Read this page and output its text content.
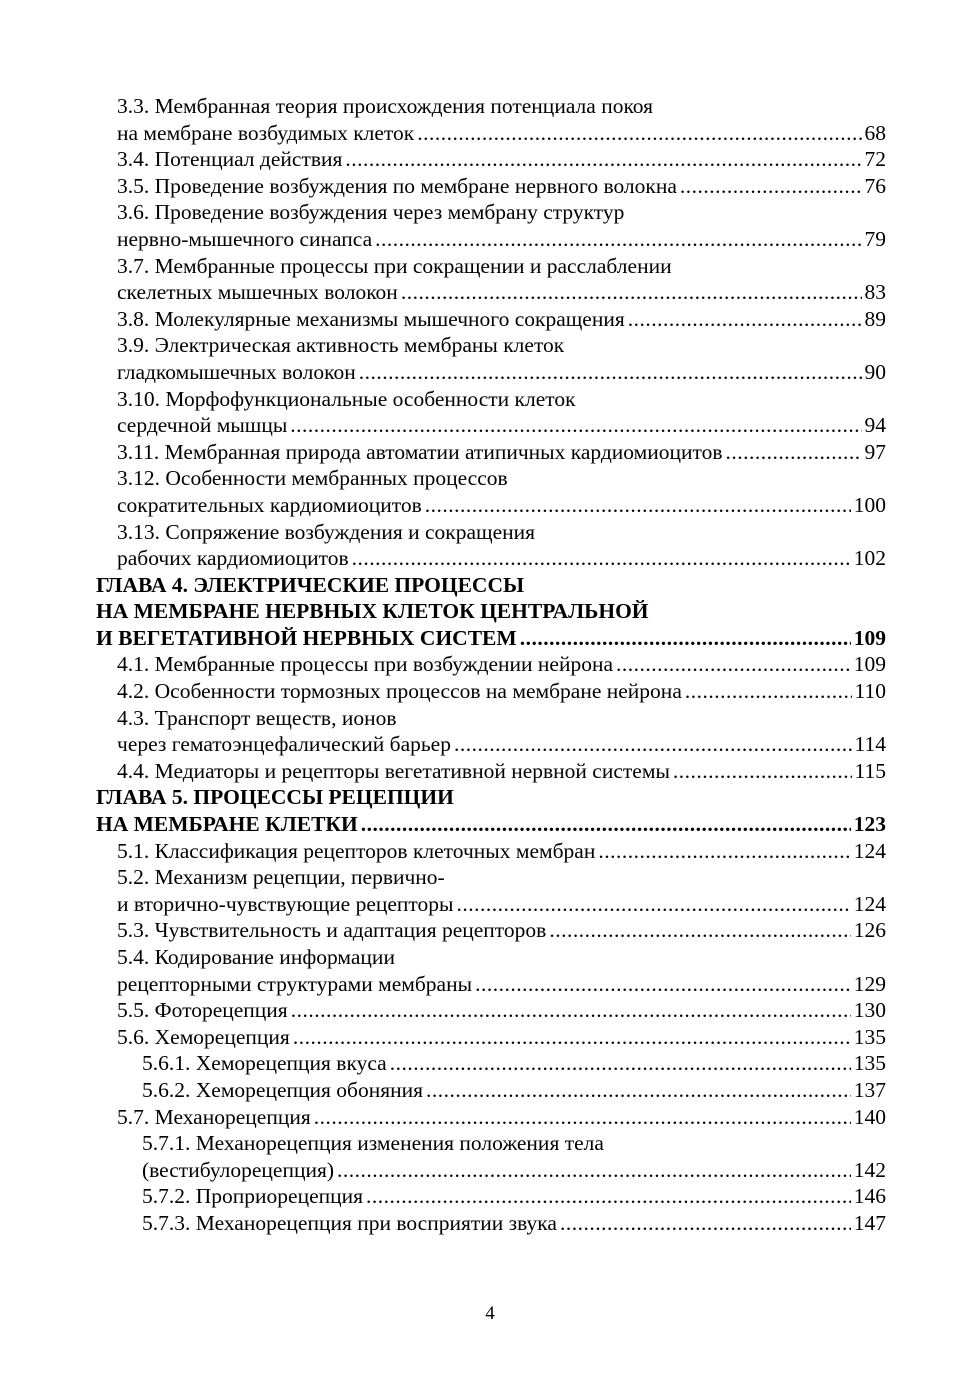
3.3. Мембранная теория происхождения потенциала покоя
на мембране возбудимых клеток .....	68
3.4. Потенциал действия .....	72
3.5. Проведение возбуждения по мембране нервного волокна .....	76
3.6. Проведение возбуждения через мембрану структур
нервно-мышечного синапса .....	79
3.7. Мембранные процессы при сокращении и расслаблении
скелетных мышечных волокон .....	83
3.8. Молекулярные механизмы мышечного сокращения .....	89
3.9. Электрическая активность мембраны клеток
гладкомышечных волокон .....	90
3.10. Морфофункциональные особенности клеток
сердечной мышцы .....	94
3.11. Мембранная природа автоматии атипичных кардиомиоцитов .....	97
3.12. Особенности мембранных процессов
сократительных кардиомиоцитов .....	100
3.13. Сопряжение возбуждения и сокращения
рабочих кардиомиоцитов .....	102
ГЛАВА 4. ЭЛЕКТРИЧЕСКИЕ ПРОЦЕССЫ
НА МЕМБРАНЕ НЕРВНЫХ КЛЕТОК ЦЕНТРАЛЬНОЙ
И ВЕГЕТАТИВНОЙ НЕРВНЫХ СИСТЕМ .....	109
4.1. Мембранные процессы при возбуждении нейрона .....	109
4.2. Особенности тормозных процессов на мембране нейрона .....	110
4.3. Транспорт веществ, ионов
через гематоэнцефалический барьер .....	114
4.4. Медиаторы и рецепторы вегетативной нервной системы .....	115
ГЛАВА 5. ПРОЦЕССЫ РЕЦЕПЦИИ
НА МЕМБРАНЕ КЛЕТКИ .....	123
5.1. Классификация рецепторов клеточных мембран .....	124
5.2. Механизм рецепции, первично-
и вторично-чувствующие рецепторы .....	124
5.3. Чувствительность и адаптация рецепторов .....	126
5.4. Кодирование информации
рецепторными структурами мембраны .....	129
5.5. Фоторецепция .....	130
5.6. Хеморецепция .....	135
5.6.1. Хеморецепция вкуса .....	135
5.6.2. Хеморецепция обоняния .....	137
5.7. Механорецепция .....	140
5.7.1. Механорецепция изменения положения тела
(вестибулорецепция) .....	142
5.7.2. Проприорецепция .....	146
5.7.3. Механорецепция при восприятии звука .....	147
4
